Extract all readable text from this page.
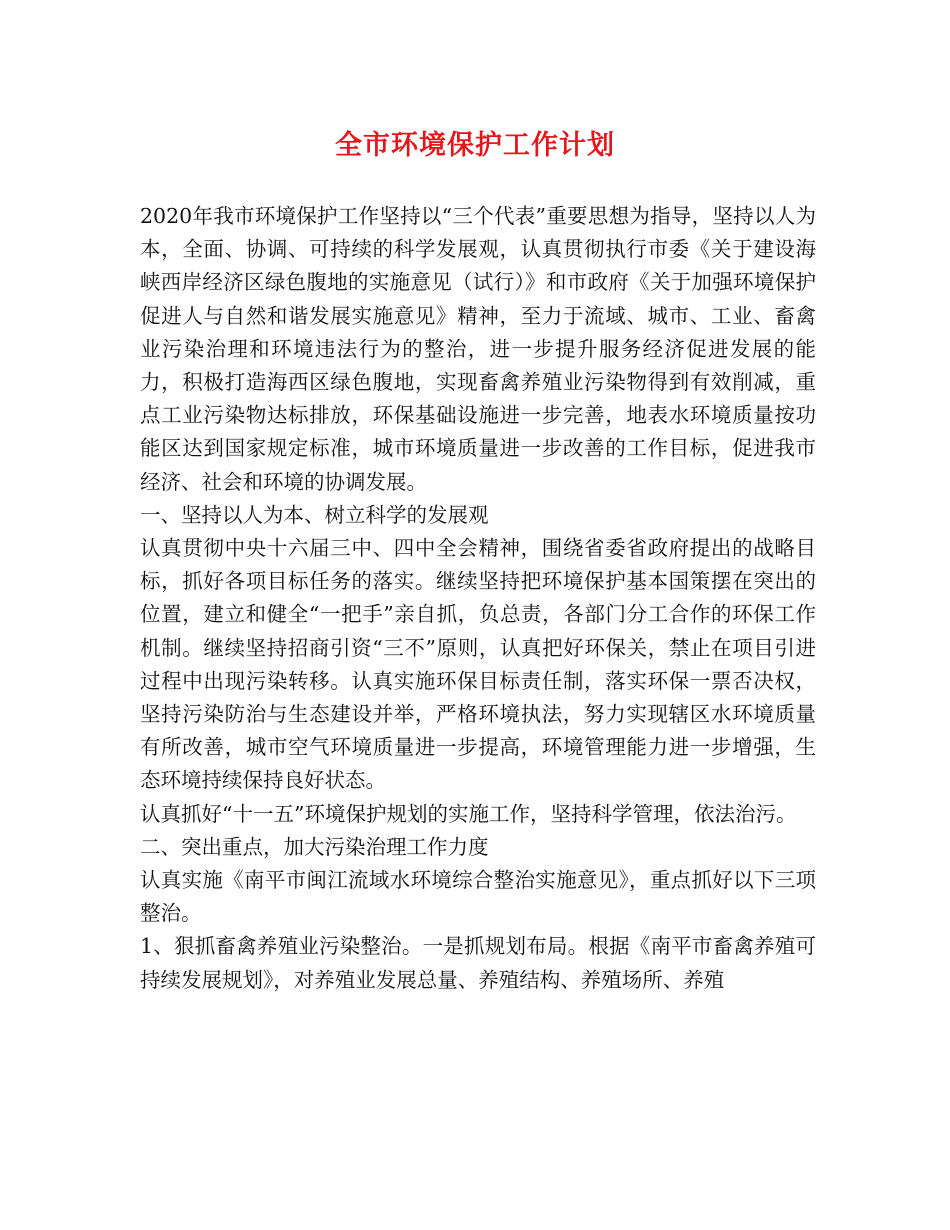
全市环境保护工作计划

2020年我市环境保护工作坚持以“三个代表”重要思想为指导，坚持以人为本，全面、协调、可持续的科学发展观，认真贯彻执行市委《关于建设海峡西岸经济区绿色腹地的实施意见（试行）》和市政府《关于加强环境保护促进人与自然和谐发展实施意见》精神，至力于流域、城市、工业、畜禽业污染治理和环境违法行为的整治，进一步提升服务经济促进发展的能力，积极打造海西区绿色腹地，实现畜禽养殖业污染物得到有效削减，重点工业污染物达标排放，环保基础设施进一步完善，地表水环境质量按功能区达到国家规定标准，城市环境质量进一步改善的工作目标，促进我市经济、社会和环境的协调发展。

一、坚持以人为本、树立科学的发展观

认真贯彻中央十六届三中、四中全会精神，围绕省委省政府提出的战略目标，抓好各项目标任务的落实。继续坚持把环境保护基本国策摆在突出的位置，建立和健全“一把手”亲自抓，负总责，各部门分工合作的环保工作机制。继续坚持招商引资“三不”原则，认真把好环保关，禁止在项目引进过程中出现污染转移。认真实施环保目标责任制，落实环保一票否决权，坚持污染防治与生态建设并举，严格环境执法，努力实现辖区水环境质量有所改善，城市空气环境质量进一步提高，环境管理能力进一步增强，生态环境持续保持良好状态。

认真抓好“十一五”环境保护规划的实施工作，坚持科学管理，依法治污。

二、突出重点，加大污染治理工作力度

认真实施《南平市闽江流域水环境综合整治实施意见》，重点抓好以下三项整治。

1、狠抓畜禽养殖业污染整治。一是抓规划布局。根据《南平市畜禽养殖可持续发展规划》，对养殖业发展总量、养殖结构、养殖场所、养殖
